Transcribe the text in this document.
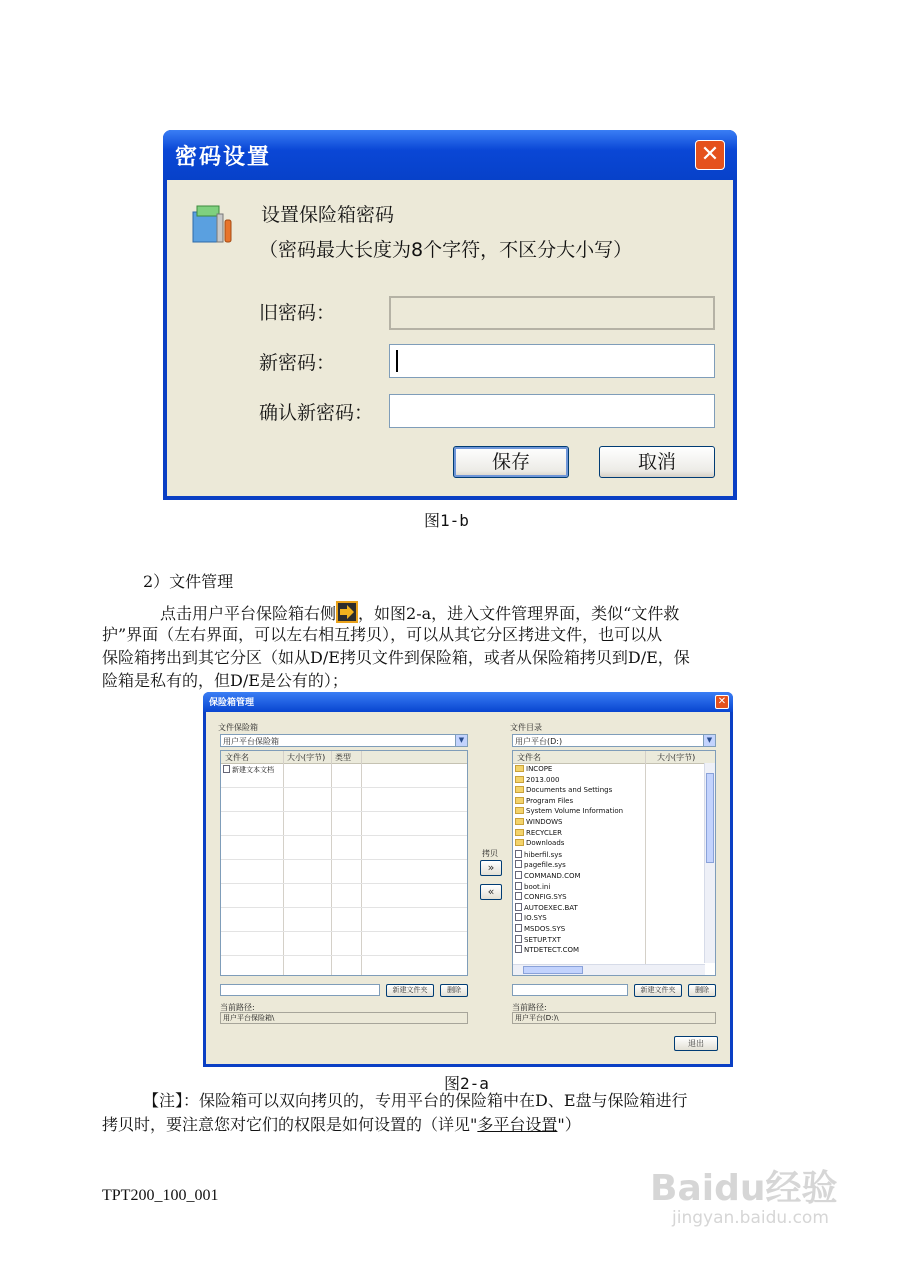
密码设置	✕
设置保险箱密码
（密码最大长度为8个字符，不区分大小写）
旧密码：
新密码：
确认新密码：
保存	取消
图1-b
2）文件管理
点击用户平台保险箱右侧 ，如图2-a，进入文件管理界面，类似“文件救
护”界面（左右界面，可以左右相互拷贝），可以从其它分区拷进文件，也可以从
保险箱拷出到其它分区（如从D/E拷贝文件到保险箱，或者从保险箱拷贝到D/E，保
险箱是私有的，但D/E是公有的）；
保险箱管理	✕
文件保险箱
用户平台保险箱	▼
文件名	大小(字节) 类型
新建文本文档
新建文件夹	删除
当前路径:
用户平台保险箱\
拷贝
»
«
文件目录
用户平台(D:)	▼
文件名	大小(字节)
INCOPE
2013.000
Documents and Settings
Program Files
System Volume Information
WINDOWS
RECYCLER
Downloads
hiberfil.sys
pagefile.sys
COMMAND.COM
boot.ini
CONFIG.SYS
AUTOEXEC.BAT
IO.SYS
MSDOS.SYS
SETUP.TXT
NTDETECT.COM
新建文件夹	删除
当前路径:
用户平台(D:)\
退出
图2-a
【注】：保险箱可以双向拷贝的，专用平台的保险箱中在D、E盘与保险箱进行
拷贝时，要注意您对它们的权限是如何设置的（详见"多平台设置"）
TPT200_100_001	Baidu经验
jingyan.baidu.com
